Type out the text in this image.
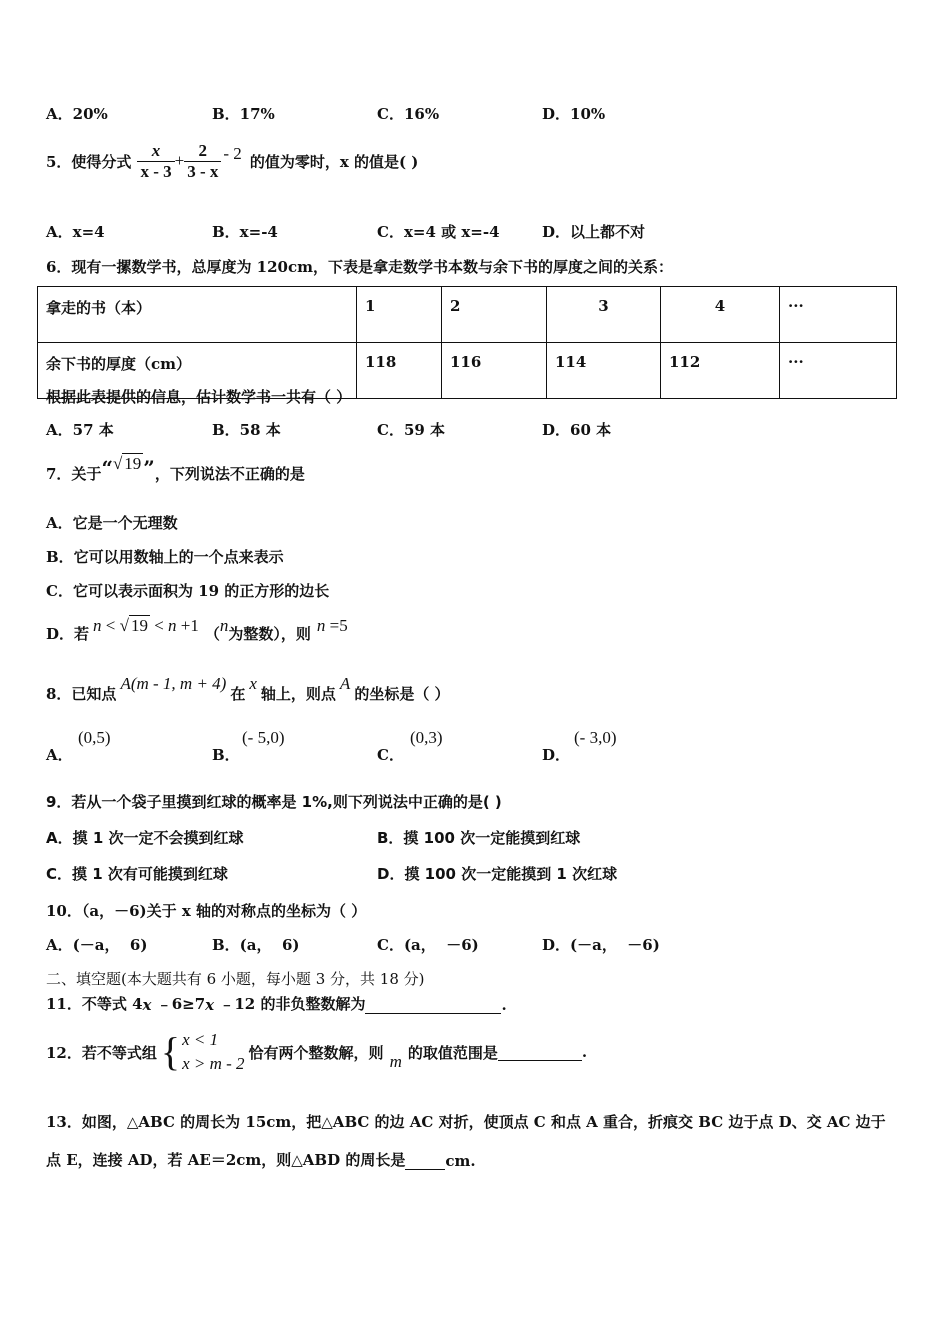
A．20%	B．17%	C．16%	D．10%
5．使得分式 $\frac{x}{x - 3} + \frac{2}{3 - x} - 2$ 的值为零时，x 的值是( )
A．x=4	B．x=-4	C．x=4 或 x=-4	D．以上都不对
6．现有一摞数学书，总厚度为 120cm，下表是拿走数学书本数与余下书的厚度之间的关系：
拿走的书（本）	1	2	3	4	···
余下书的厚度（cm）	118	116	114	112	···
根据此表提供的信息，估计数学书一共有（ ）
A．57 本	B．58 本	C．59 本	D．60 本
7．关于 “ √ 19 ” ，下列说法不正确的是
A．它是一个无理数
B．它可以用数轴上的一个点来表示
C．它可以表示面积为 19 的正方形的边长
D．若 n < √ 19 < n +1 （ n 为整数），则 n =5
8．已知点
A(m - 1, m + 4)
在
x
轴上，则点
A
的坐标是（ ）
A．
(0,5)
B．
(- 5,0)
C．
(0,3)
D．
(- 3,0)
9．若从一个袋子里摸到红球的概率是 1%,则下列说法中正确的是( )
A．摸 1 次一定不会摸到红球	B．摸 100 次一定能摸到红球
C．摸 1 次有可能摸到红球	D．摸 100 次一定能摸到 1 次红球
10．（a，－6)关于 x 轴的对称点的坐标为（ ）
A．(－a，  6)	B．(a，  6)	C．(a，  －6)	D．(－a，  －6)
二、填空题(本大题共有 6 小题，每小题 3 分，共 18 分)
11．不等式 4 x ﹣6≥7 x ﹣12 的非负整数解为	.
12．若不等式组 { x < 1
x > m - 2
恰有两个整数解，则 m 的取值范围是	.
13．如图，△ABC 的周长为 15cm，把△ABC 的边 AC 对折，使顶点 C 和点 A 重合，折痕交 BC 边于点 D、交 AC 边于
点 E，连接 AD，若 AE＝2cm，则△ABD 的周长是	cm.
